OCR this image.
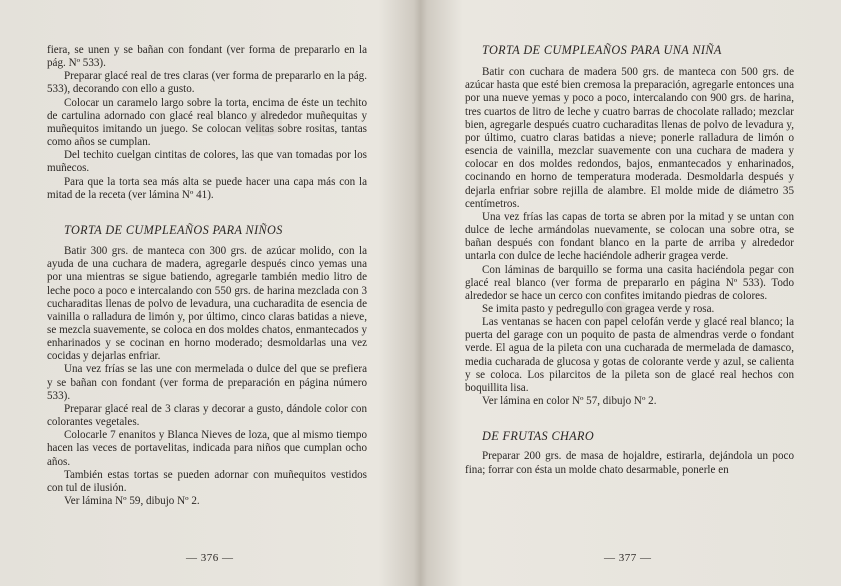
fiera, se unen y se bañan con fondant (ver forma de prepararlo en la pág. Nº 533).

Preparar glacé real de tres claras (ver forma de prepararlo en la pág. 533), decorando con ello a gusto.

Colocar un caramelo largo sobre la torta, encima de éste un techito de cartulina adornado con glacé real blanco y alrededor muñequitas y muñequitos imitando un juego. Se colocan velitas sobre rositas, tantas como años se cumplan.

Del techito cuelgan cintitas de colores, las que van tomadas por los muñecos.

Para que la torta sea más alta se puede hacer una capa más con la mitad de la receta (ver lámina Nº 41).

TORTA DE CUMPLEAÑOS PARA NIÑOS

Batir 300 grs. de manteca con 300 grs. de azúcar molido, con la ayuda de una cuchara de madera, agregarle después cinco yemas una por una mientras se sigue batiendo, agregarle también medio litro de leche poco a poco e intercalando con 550 grs. de harina mezclada con 3 cucharaditas llenas de polvo de levadura, una cucharadita de esencia de vainilla o ralladura de limón y, por último, cinco claras batidas a nieve, se mezcla suavemente, se coloca en dos moldes chatos, enmantecados y enharinados y se cocinan en horno moderado; desmoldarlas una vez cocidas y dejarlas enfriar.

Una vez frías se las une con mermelada o dulce del que se prefiera y se bañan con fondant (ver forma de preparación en página número 533).

Preparar glacé real de 3 claras y decorar a gusto, dándole color con colorantes vegetales.

Colocarle 7 enanitos y Blanca Nieves de loza, que al mismo tiempo hacen las veces de portavelitas, indicada para niños que cumplan ocho años.

También estas tortas se pueden adornar con muñequitos vestidos con tul de ilusión.

Ver lámina Nº 59, dibujo Nº 2.

— 376 —

TORTA DE CUMPLEAÑOS PARA UNA NIÑA

Batir con cuchara de madera 500 grs. de manteca con 500 grs. de azúcar hasta que esté bien cremosa la preparación, agregarle entonces una por una nueve yemas y poco a poco, intercalando con 900 grs. de harina, tres cuartos de litro de leche y cuatro barras de chocolate rallado; mezclar bien, agregarle después cuatro cucharaditas llenas de polvo de levadura y, por último, cuatro claras batidas a nieve; ponerle ralladura de limón o esencia de vainilla, mezclar suavemente con una cuchara de madera y colocar en dos moldes redondos, bajos, enmantecados y enharinados, cocinando en horno de temperatura moderada. Desmoldarla después y dejarla enfriar sobre rejilla de alambre. El molde mide de diámetro 35 centímetros.

Una vez frías las capas de torta se abren por la mitad y se untan con dulce de leche armándolas nuevamente, se colocan una sobre otra, se bañan después con fondant blanco en la parte de arriba y alrededor untarla con dulce de leche haciéndole adherir gragea verde.

Con láminas de barquillo se forma una casita haciéndola pegar con glacé real blanco (ver forma de prepararlo en página Nº 533). Todo alrededor se hace un cerco con confites imitando piedras de colores.

Se imita pasto y pedregullo con gragea verde y rosa.

Las ventanas se hacen con papel celofán verde y glacé real blanco; la puerta del garage con un poquito de pasta de almendras verde o fondant verde. El agua de la pileta con una cucharada de mermelada de damasco, media cucharada de glucosa y gotas de colorante verde y azul, se calienta y se coloca. Los pilarcitos de la pileta son de glacé real hechos con boquillita lisa.

Ver lámina en color Nº 57, dibujo Nº 2.

DE FRUTAS CHARO

Preparar 200 grs. de masa de hojaldre, estirarla, dejándola un poco fina; forrar con ésta un molde chato desarmable, ponerle en

— 377 —
